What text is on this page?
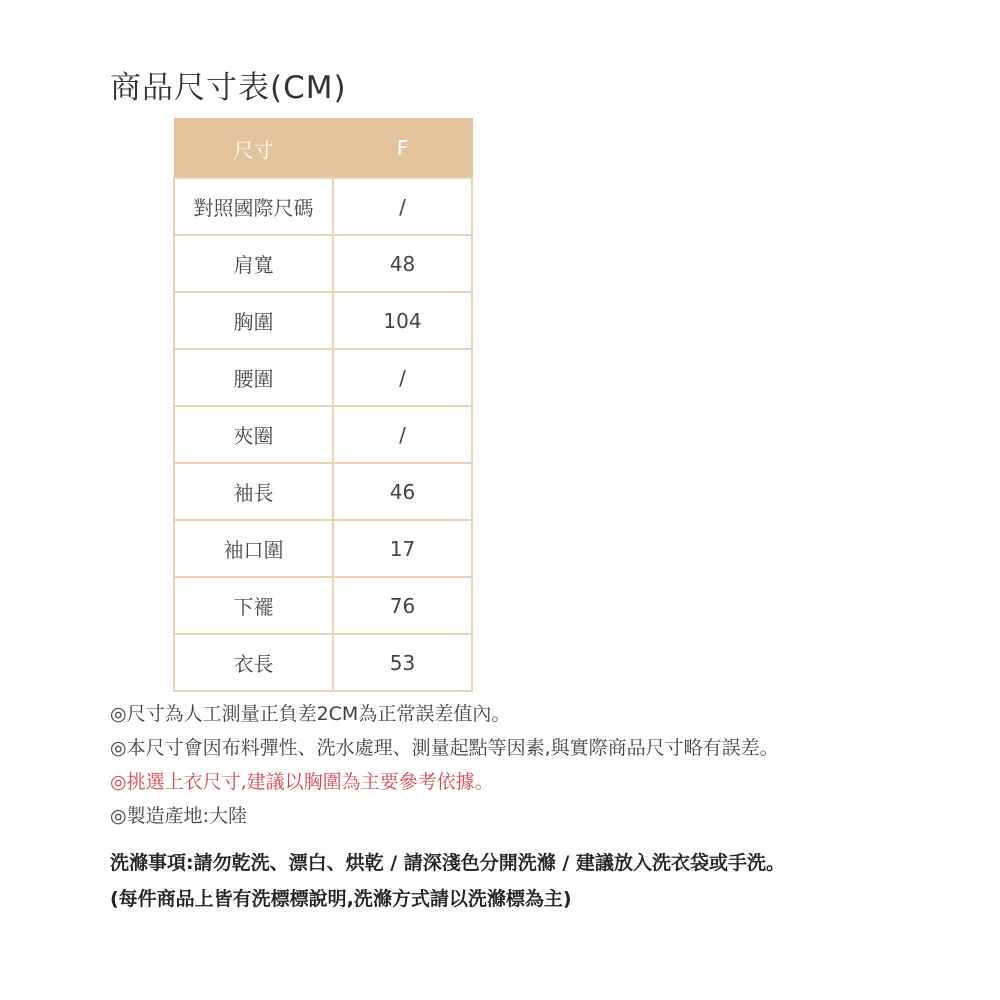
商品尺寸表(CM)
尺寸	F
對照國際尺碼	/
肩寬	48
胸圍	104
腰圍	/
夾圈	/
袖長	46
袖口圍	17
下襬	76
衣長	53
◎尺寸為人工測量正負差2CM為正常誤差值內。
◎本尺寸會因布料彈性、洗水處理、測量起點等因素,與實際商品尺寸略有誤差。
◎挑選上衣尺寸,建議以胸圍為主要參考依據。
◎製造產地:大陸
洗滌事項:請勿乾洗、漂白、烘乾 / 請深淺色分開洗滌 / 建議放入洗衣袋或手洗。
(每件商品上皆有洗標標說明,洗滌方式請以洗滌標為主)
